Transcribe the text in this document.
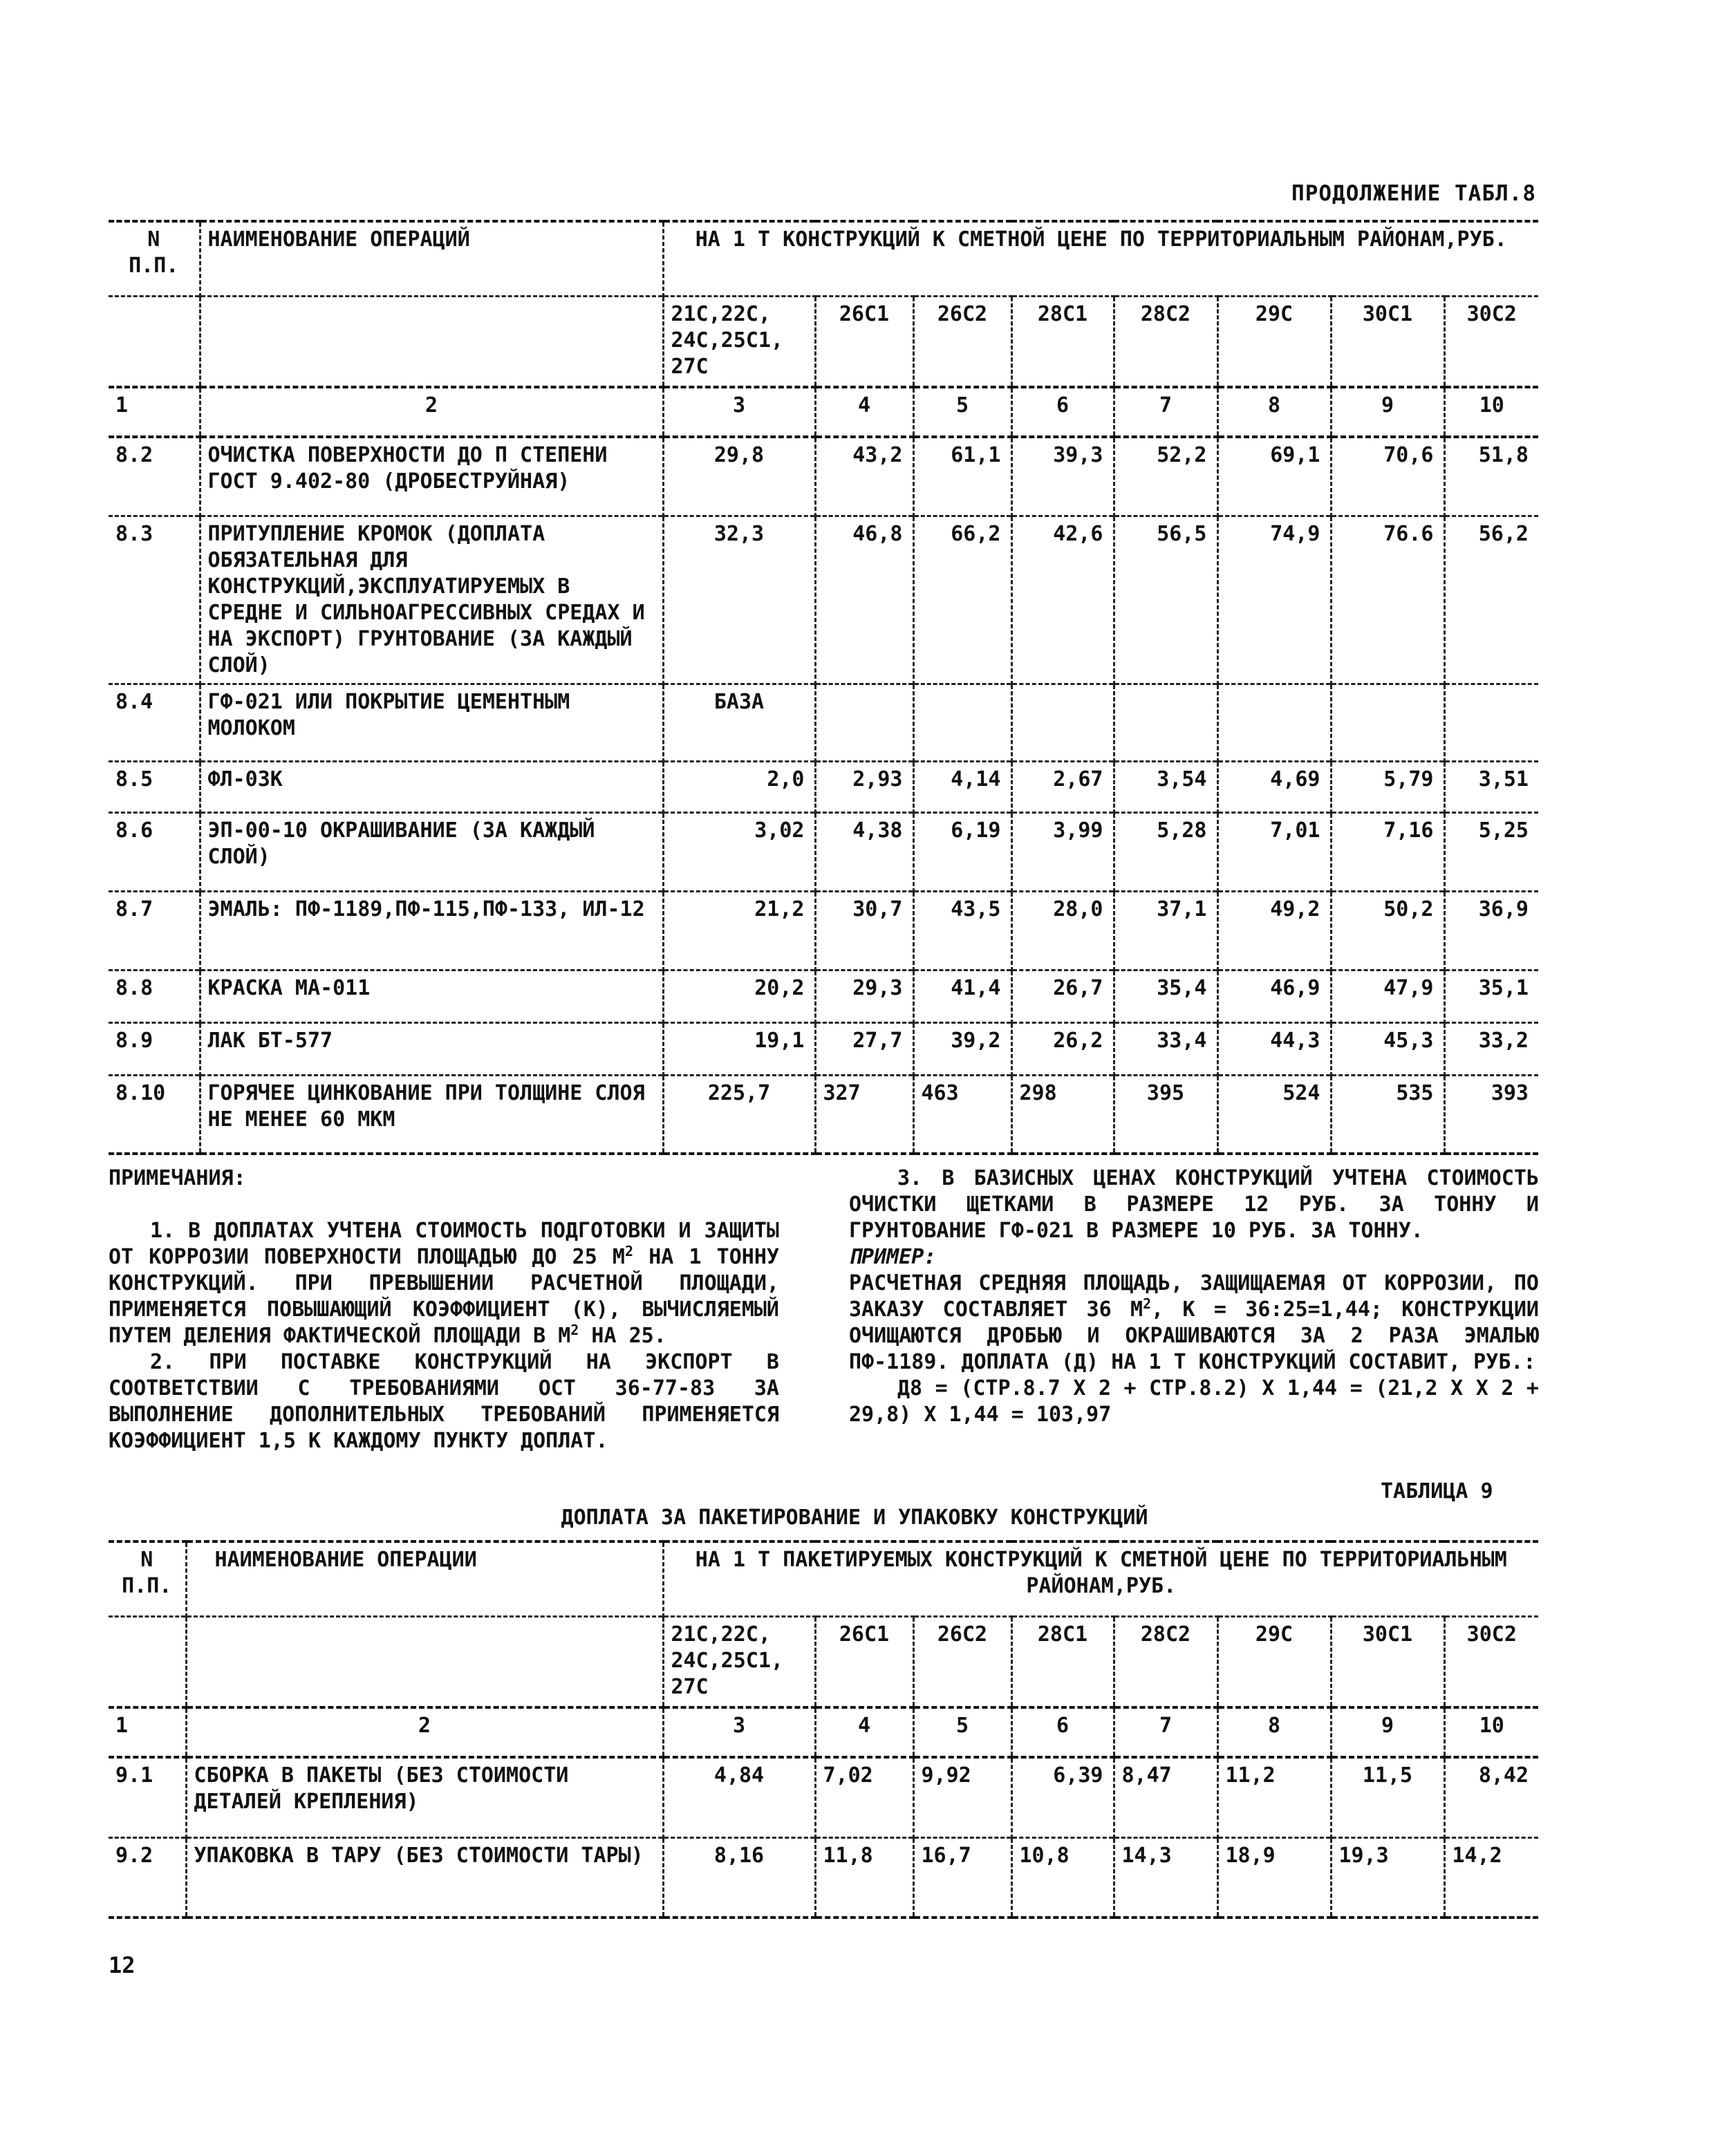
ПРОДОЛЖЕНИЕ ТАБЛ.8
N
П.П.	НАИМЕНОВАНИЕ ОПЕРАЦИЙ	НА 1 Т КОНСТРУКЦИЙ К СМЕТНОЙ ЦЕНЕ ПО ТЕРРИТОРИАЛЬНЫМ РАЙОНАМ,РУБ.							
		21С,22С,
24С,25С1,
27С	26С1	26С2	28С1	28С2	29С	30С1	30С2
1	2	3	4	5	6	7	8	9	10
8.2	ОЧИСТКА ПОВЕРХНОСТИ ДО П СТЕПЕНИ ГОСТ 9.402-80 (ДРОБЕСТРУЙНАЯ)	29,8	43,2	61,1	39,3	52,2	69,1	70,6	51,8
8.3	ПРИТУПЛЕНИЕ КРОМОК (ДОПЛАТА ОБЯЗАТЕЛЬНАЯ ДЛЯ КОНСТРУКЦИЙ,ЭКСПЛУАТИРУЕМЫХ В СРЕДНЕ И СИЛЬНОАГРЕССИВНЫХ СРЕДАХ И НА ЭКСПОРТ) ГРУНТОВАНИЕ (ЗА КАЖДЫЙ СЛОЙ)	32,3	46,8	66,2	42,6	56,5	74,9	76.6	56,2
8.4	ГФ-021 ИЛИ ПОКРЫТИЕ ЦЕМЕНТНЫМ МОЛОКОМ	БАЗА							
8.5	ФЛ-03К	2,0	2,93	4,14	2,67	3,54	4,69	5,79	3,51
8.6	ЭП-00-10 ОКРАШИВАНИЕ (ЗА КАЖДЫЙ СЛОЙ)	3,02	4,38	6,19	3,99	5,28	7,01	7,16	5,25
8.7	ЭМАЛЬ: ПФ-1189,ПФ-115,ПФ-133, ИЛ-12	21,2	30,7	43,5	28,0	37,1	49,2	50,2	36,9
8.8	КРАСКА МА-011	20,2	29,3	41,4	26,7	35,4	46,9	47,9	35,1
8.9	ЛАК БТ-577	19,1	27,7	39,2	26,2	33,4	44,3	45,3	33,2
8.10	ГОРЯЧЕЕ ЦИНКОВАНИЕ ПРИ ТОЛЩИНЕ СЛОЯ НЕ МЕНЕЕ 60 МКМ	225,7	327	463	298	395	524	535	393

ПРИМЕЧАНИЯ:

1. В ДОПЛАТАХ УЧТЕНА СТОИМОСТЬ ПОДГОТОВКИ И ЗАЩИТЫ ОТ КОРРОЗИИ ПОВЕРХНОСТИ ПЛОЩАДЬЮ ДО 25 $М^2$ НА 1 ТОННУ КОНСТРУКЦИЙ. ПРИ ПРЕВЫШЕНИИ РАСЧЕТНОЙ ПЛОЩАДИ, ПРИМЕНЯЕТСЯ ПОВЫШАЮЩИЙ КОЭФФИЦИЕНТ (К), ВЫЧИСЛЯЕМЫЙ ПУТЕМ ДЕЛЕНИЯ ФАКТИЧЕСКОЙ ПЛОЩАДИ В $М^2$ НА 25.

2. ПРИ ПОСТАВКЕ КОНСТРУКЦИЙ НА ЭКСПОРТ В СООТВЕТСТВИИ С ТРЕБОВАНИЯМИ ОСТ 36-77-83 ЗА ВЫПОЛНЕНИЕ ДОПОЛНИТЕЛЬНЫХ ТРЕБОВАНИЙ ПРИМЕНЯЕТСЯ КОЭФФИЦИЕНТ 1,5 К КАЖДОМУ ПУНКТУ ДОПЛАТ.

3. В БАЗИСНЫХ ЦЕНАХ КОНСТРУКЦИЙ УЧТЕНА СТОИМОСТЬ ОЧИСТКИ ЩЕТКАМИ В РАЗМЕРЕ 12 РУБ. ЗА ТОННУ И ГРУНТОВАНИЕ ГФ-021 В РАЗМЕРЕ 10 РУБ. ЗА ТОННУ.

ПРИМЕР:

РАСЧЕТНАЯ СРЕДНЯЯ ПЛОЩАДЬ, ЗАЩИЩАЕМАЯ ОТ КОРРОЗИИ, ПО ЗАКАЗУ СОСТАВЛЯЕТ 36 $М^2$, К = 36:25=1,44; КОНСТРУКЦИИ ОЧИЩАЮТСЯ ДРОБЬЮ И ОКРАШИВАЮТСЯ ЗА 2 РАЗА ЭМАЛЬЮ ПФ-1189. ДОПЛАТА (Д) НА 1 Т КОНСТРУКЦИЙ СОСТАВИТ, РУБ.:

Д8 = (СТР.8.7 Х 2 + СТР.8.2) Х 1,44 = (21,2 Х Х 2 + 29,8) Х 1,44 = 103,97

ТАБЛИЦА 9
ДОПЛАТА ЗА ПАКЕТИРОВАНИЕ И УПАКОВКУ КОНСТРУКЦИЙ
N
П.П.	НАИМЕНОВАНИЕ ОПЕРАЦИИ	НА 1 Т ПАКЕТИРУЕМЫХ КОНСТРУКЦИЙ К СМЕТНОЙ ЦЕНЕ ПО ТЕРРИТОРИАЛЬНЫМ РАЙОНАМ,РУБ.							
		21С,22С,
24С,25С1,
27С	26С1	26С2	28С1	28С2	29С	30С1	30С2
1	2	3	4	5	6	7	8	9	10
9.1	СБОРКА В ПАКЕТЫ (БЕЗ СТОИМОСТИ ДЕТАЛЕЙ КРЕПЛЕНИЯ)	4,84	7,02	9,92	6,39	8,47	11,2	11,5	8,42
9.2	УПАКОВКА В ТАРУ (БЕЗ СТОИМОСТИ ТАРЫ)	8,16	11,8	16,7	10,8	14,3	18,9	19,3	14,2
12
